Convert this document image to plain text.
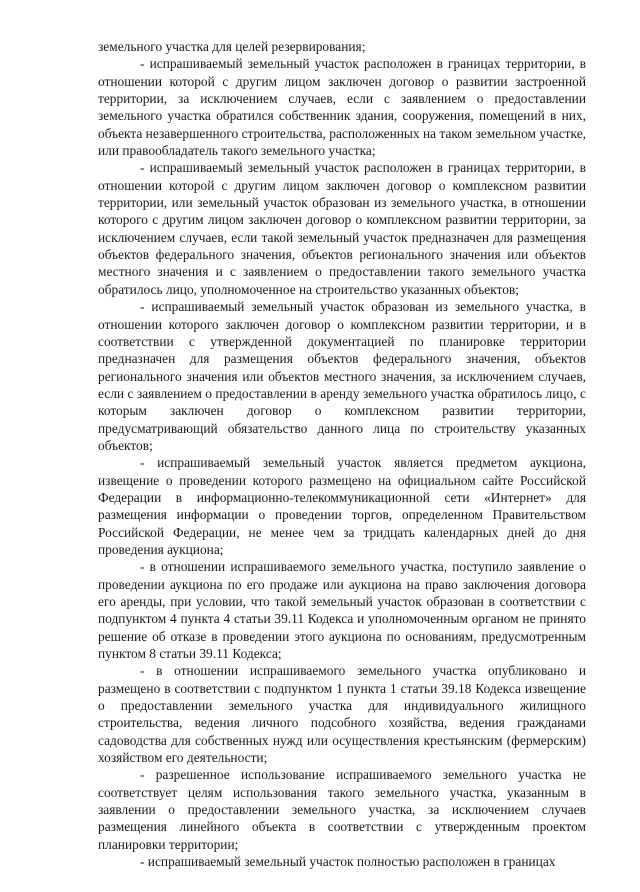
земельного участка для целей резервирования;

- испрашиваемый земельный участок расположен в границах территории, в отношении которой с другим лицом заключен договор о развитии застроенной территории, за исключением случаев, если с заявлением о предоставлении земельного участка обратился собственник здания, сооружения, помещений в них, объекта незавершенного строительства, расположенных на таком земельном участке, или правообладатель такого земельного участка;

- испрашиваемый земельный участок расположен в границах территории, в отношении которой с другим лицом заключен договор о комплексном развитии территории, или земельный участок образован из земельного участка, в отношении которого с другим лицом заключен договор о комплексном развитии территории, за исключением случаев, если такой земельный участок предназначен для размещения объектов федерального значения, объектов регионального значения или объектов местного значения и с заявлением о предоставлении такого земельного участка обратилось лицо, уполномоченное на строительство указанных объектов;

- испрашиваемый земельный участок образован из земельного участка, в отношении которого заключен договор о комплексном развитии территории, и в соответствии с утвержденной документацией по планировке территории предназначен для размещения объектов федерального значения, объектов регионального значения или объектов местного значения, за исключением случаев, если с заявлением о предоставлении в аренду земельного участка обратилось лицо, с которым заключен договор о комплексном развитии территории, предусматривающий обязательство данного лица по строительству указанных объектов;

- испрашиваемый земельный участок является предметом аукциона, извещение о проведении которого размещено на официальном сайте Российской Федерации в информационно-телекоммуникационной сети «Интернет» для размещения информации о проведении торгов, определенном Правительством Российской Федерации, не менее чем за тридцать календарных дней до дня проведения аукциона;

- в отношении испрашиваемого земельного участка, поступило заявление о проведении аукциона по его продаже или аукциона на право заключения договора его аренды, при условии, что такой земельный участок образован в соответствии с подпунктом 4 пункта 4 статьи 39.11 Кодекса и уполномоченным органом не принято решение об отказе в проведении этого аукциона по основаниям, предусмотренным пунктом 8 статьи 39.11 Кодекса;

- в отношении испрашиваемого земельного участка опубликовано и размещено в соответствии с подпунктом 1 пункта 1 статьи 39.18 Кодекса извещение о предоставлении земельного участка для индивидуального жилищного строительства, ведения личного подсобного хозяйства, ведения гражданами садоводства для собственных нужд или осуществления крестьянским (фермерским) хозяйством его деятельности;

- разрешенное использование испрашиваемого земельного участка не соответствует целям использования такого земельного участка, указанным в заявлении о предоставлении земельного участка, за исключением случаев размещения линейного объекта в соответствии с утвержденным проектом планировки территории;

- испрашиваемый земельный участок полностью расположен в границах
